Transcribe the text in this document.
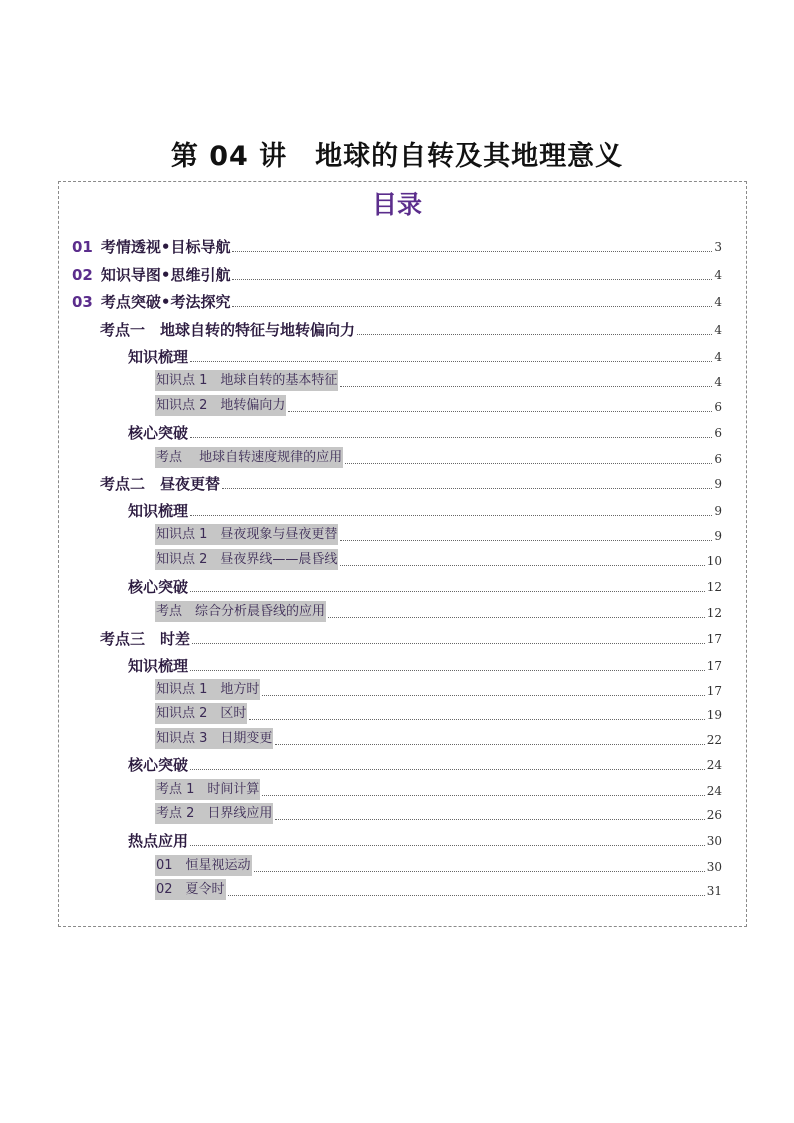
第 04 讲　地球的自转及其地理意义
目录
01 考情透视•目标导航	3
02 知识导图•思维引航	4
03 考点突破•考法探究	4
考点一　地球自转的特征与地转偏向力	4
知识梳理	4
知识点 1　地球自转的基本特征	4
知识点 2　地转偏向力	6
核心突破	6
考点　 地球自转速度规律的应用	6
考点二　昼夜更替	9
知识梳理	9
知识点 1　昼夜现象与昼夜更替	9
知识点 2　昼夜界线——晨昏线	10
核心突破	12
考点　综合分析晨昏线的应用	12
考点三　时差	17
知识梳理	17
知识点 1　地方时	17
知识点 2　区时	19
知识点 3　日期变更	22
核心突破	24
考点 1　时间计算	24
考点 2　日界线应用	26
热点应用	30
01　恒星视运动	30
02　夏令时	31
